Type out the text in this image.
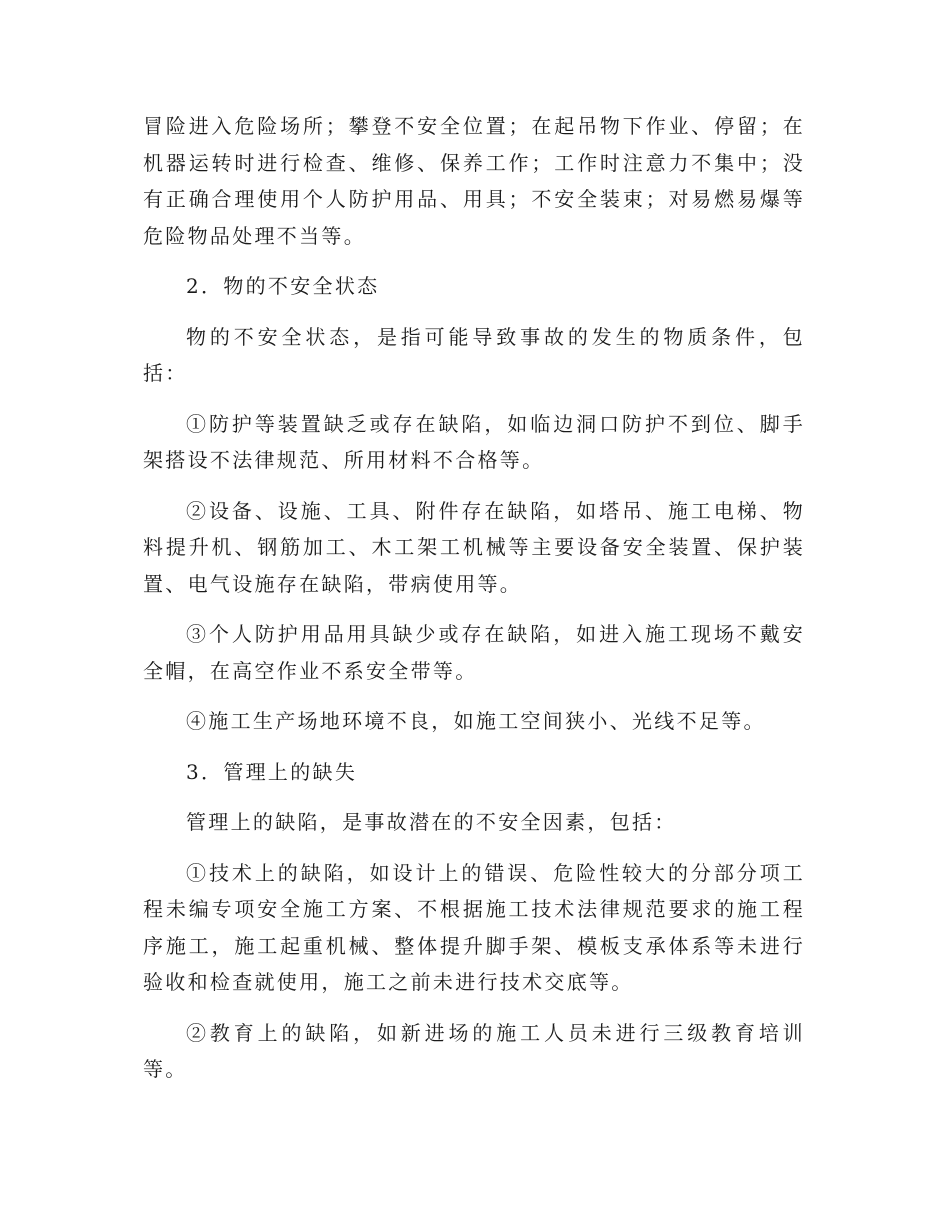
冒险进入危险场所；攀登不安全位置；在起吊物下作业、停留；在机器运转时进行检查、维修、保养工作；工作时注意力不集中；没有正确合理使用个人防护用品、用具；不安全装束；对易燃易爆等危险物品处理不当等。

2．物的不安全状态

物的不安全状态，是指可能导致事故的发生的物质条件，包括：

①防护等装置缺乏或存在缺陷，如临边洞口防护不到位、脚手架搭设不法律规范、所用材料不合格等。

②设备、设施、工具、附件存在缺陷，如塔吊、施工电梯、物料提升机、钢筋加工、木工架工机械等主要设备安全装置、保护装置、电气设施存在缺陷，带病使用等。

③个人防护用品用具缺少或存在缺陷，如进入施工现场不戴安全帽，在高空作业不系安全带等。

④施工生产场地环境不良，如施工空间狭小、光线不足等。

3．管理上的缺失

管理上的缺陷，是事故潜在的不安全因素，包括：

①技术上的缺陷，如设计上的错误、危险性较大的分部分项工程未编专项安全施工方案、不根据施工技术法律规范要求的施工程序施工，施工起重机械、整体提升脚手架、模板支承体系等未进行验收和检查就使用，施工之前未进行技术交底等。

②教育上的缺陷，如新进场的施工人员未进行三级教育培训等。
